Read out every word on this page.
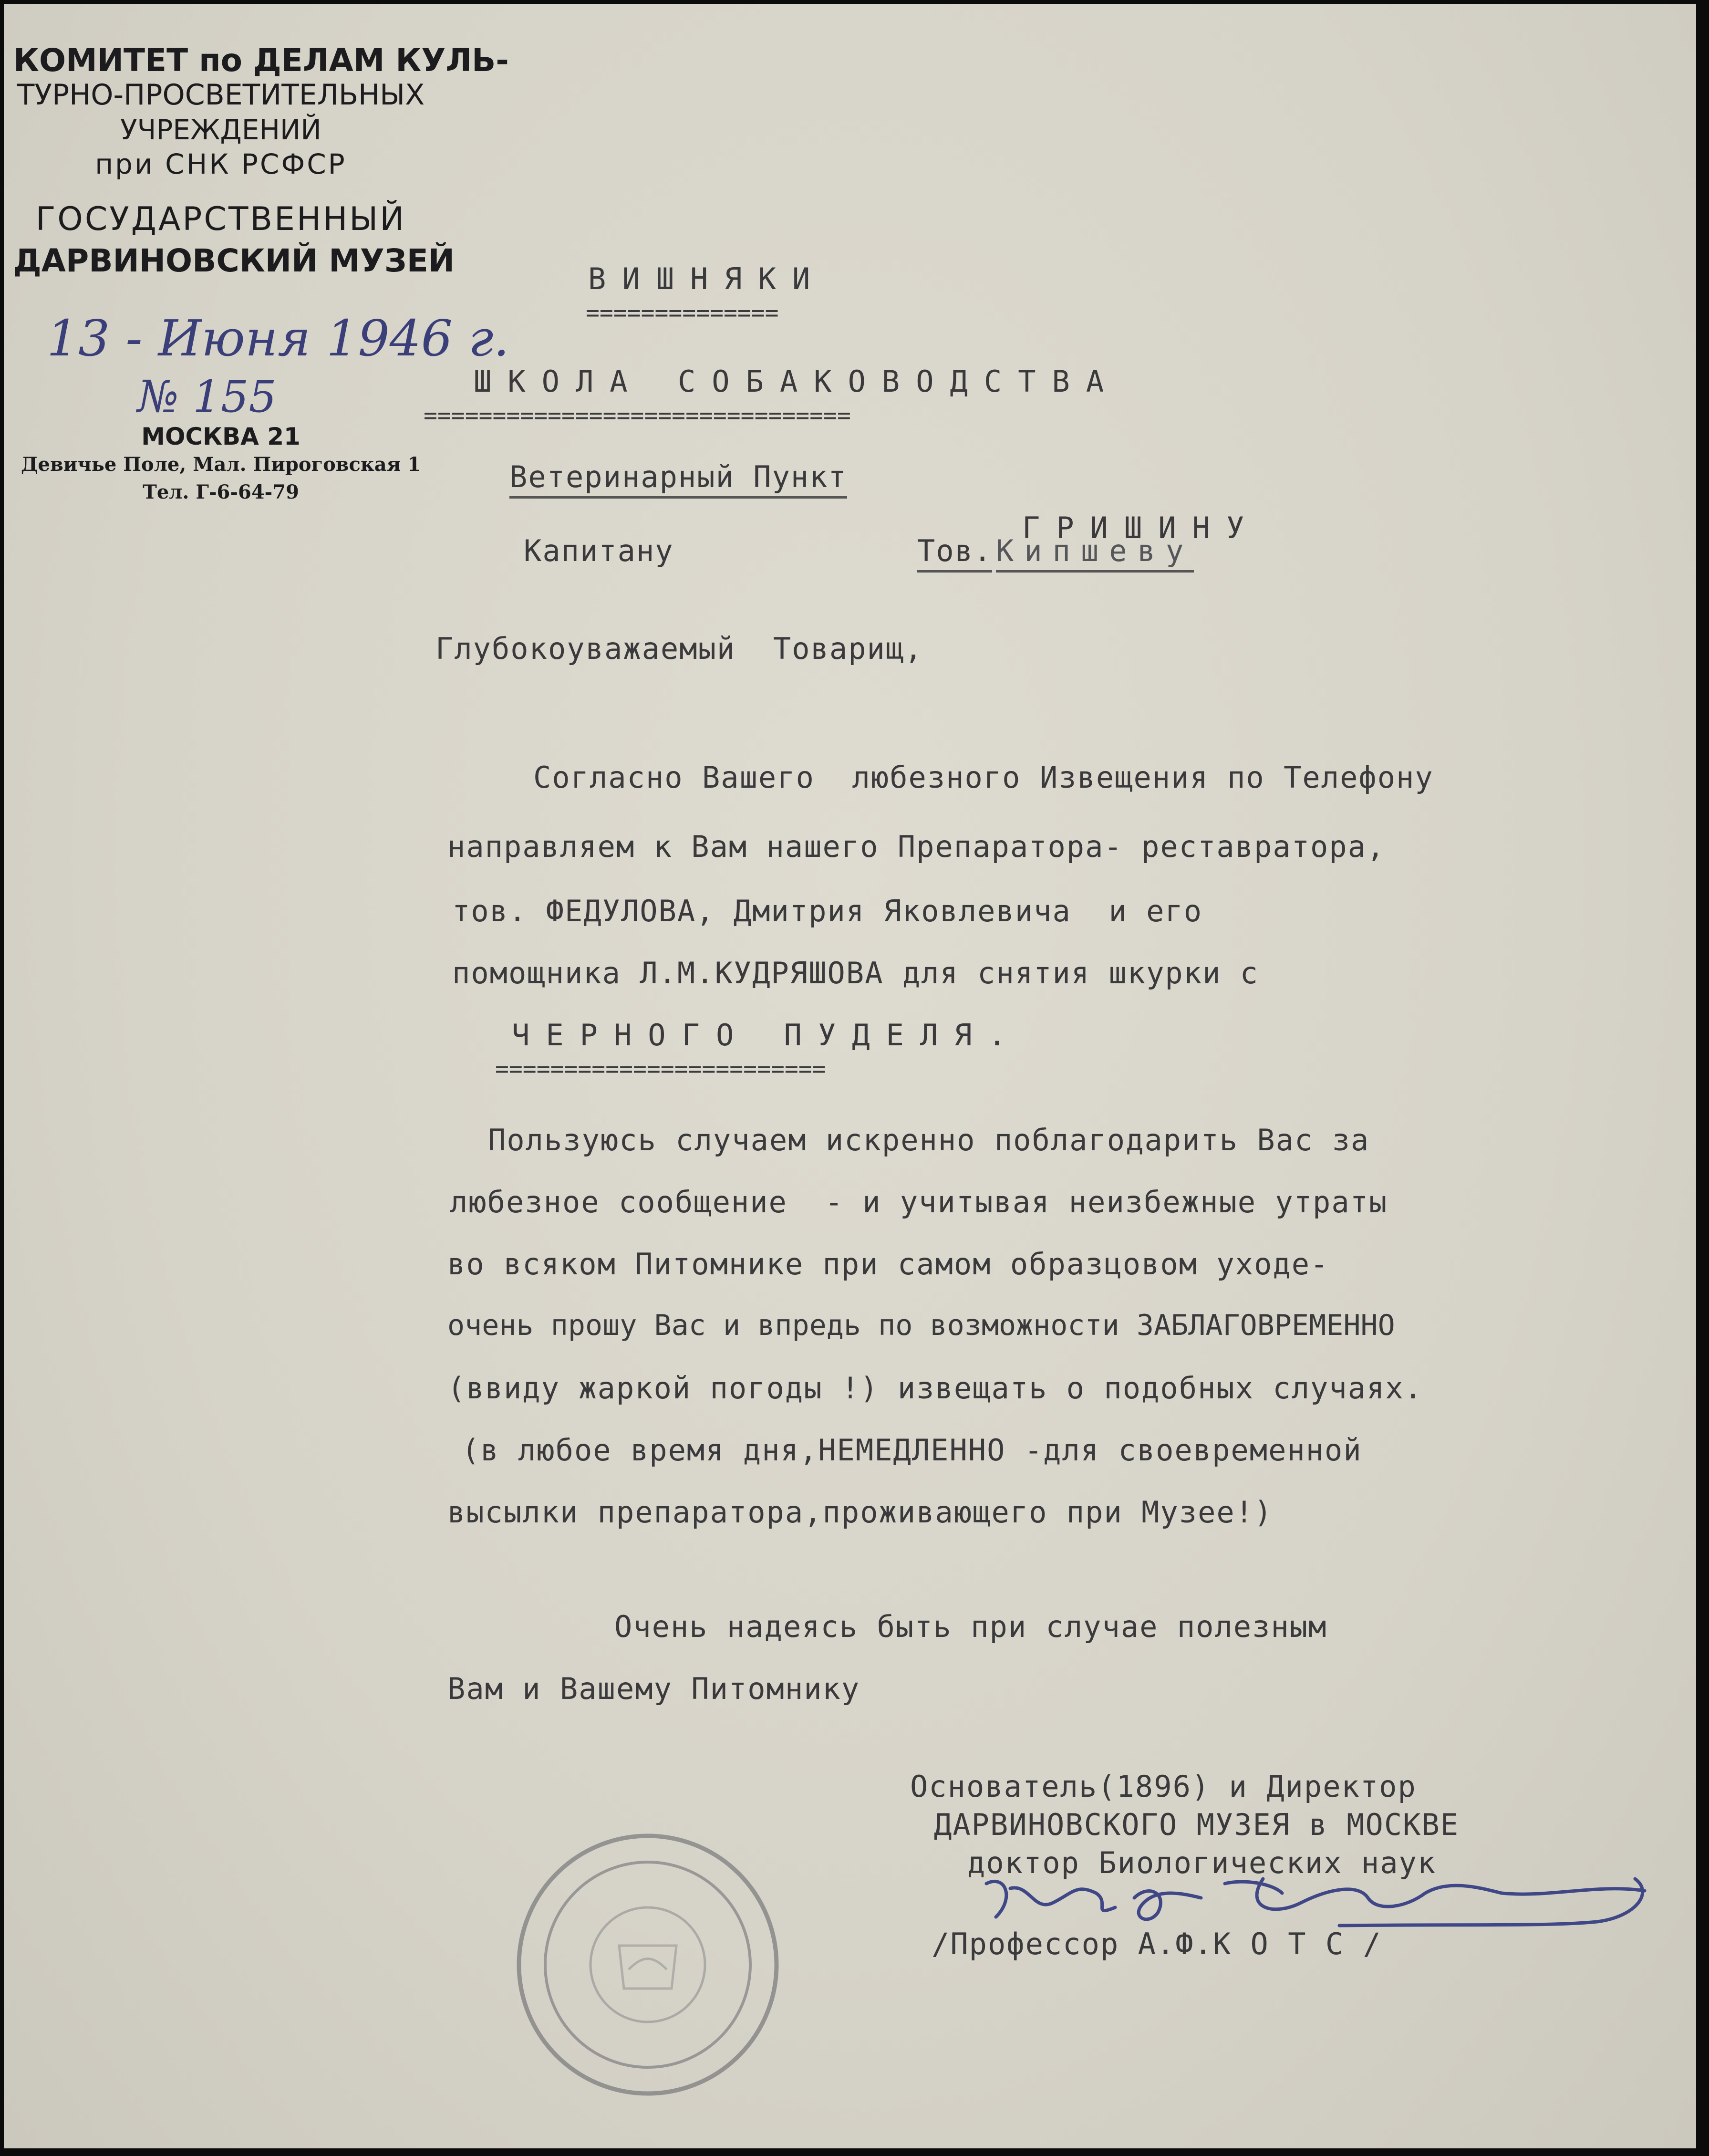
КОМИТЕТ по ДЕЛАМ КУЛЬ-
ТУРНО-ПРОСВЕТИТЕЛЬНЫХ
УЧРЕЖДЕНИЙ
при СНК РСФСР
ГОСУДАРСТВЕННЫЙ
ДАРВИНОВСКИЙ МУЗЕЙ
13 - Июня 1946 г.
№ 155
МОСКВА 21
Девичье Поле, Мал. Пироговская 1
Тел. Г-6-64-79
ВИШНЯКИ
==============
ШКОЛА СОБАКОВОДСТВА
===============================
Ветеринарный Пункт
Капитану	Тов. Кипшеву
ГРИШИНУ
Глубокоуважаемый  Товарищ,
Согласно Вашего  любезного Извещения по Телефону
направляем к Вам нашего Препаратора- реставратора,
тов. ФЕДУЛОВА, Дмитрия Яковлевича  и его
помощника Л.М.КУДРЯШОВА для снятия шкурки с
ЧЕРНОГО ПУДЕЛЯ.
========================
Пользуюсь случаем искренно поблагодарить Вас за
любезное сообщение  - и учитывая неизбежные утраты
во всяком Питомнике при самом образцовом уходе-
очень прошу Вас и впредь по возможности ЗАБЛАГОВРЕМЕННО
(ввиду жаркой погоды !) извещать о подобных случаях.
(в любое время дня,НЕМЕДЛЕННО -для своевременной
высылки препаратора,проживающего при Музее!)
Очень надеясь быть при случае полезным
Вам и Вашему Питомнику
Основатель(1896) и Директор
ДАРВИНОВСКОГО МУЗЕЯ в МОСКВЕ
доктор Биологических наук
/Профессор А.Ф.К О Т С /
